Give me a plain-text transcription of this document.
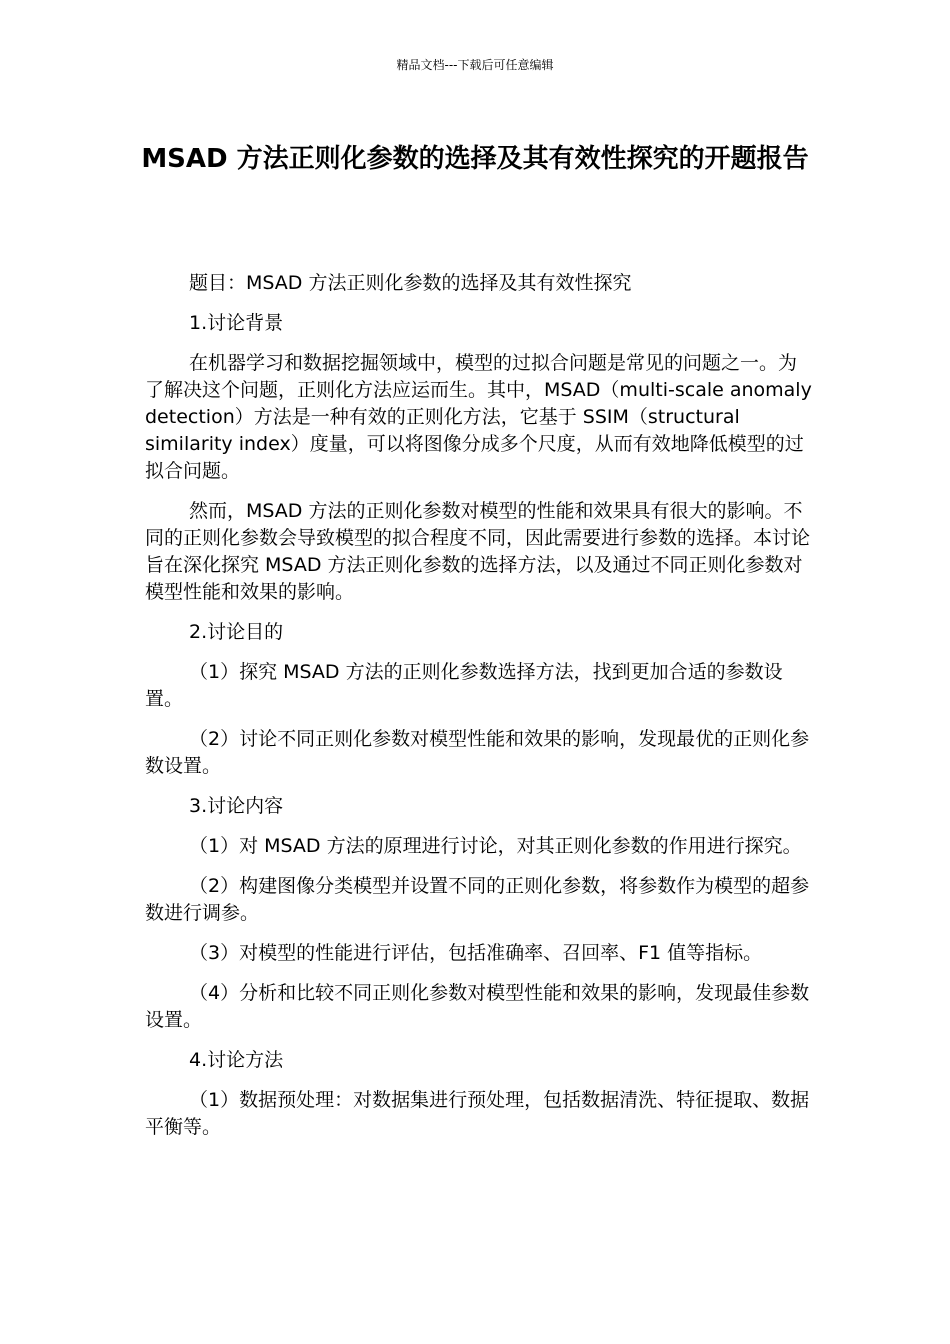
精品文档---下载后可任意编辑
MSAD 方法正则化参数的选择及其有效性探究的开题报告

题目：MSAD 方法正则化参数的选择及其有效性探究

1.讨论背景

在机器学习和数据挖掘领域中，模型的过拟合问题是常见的问题之一。为了解决这个问题，正则化方法应运而生。其中，MSAD（multi-scale anomaly detection）方法是一种有效的正则化方法，它基于 SSIM（structural similarity index）度量，可以将图像分成多个尺度，从而有效地降低模型的过拟合问题。

然而，MSAD 方法的正则化参数对模型的性能和效果具有很大的影响。不同的正则化参数会导致模型的拟合程度不同，因此需要进行参数的选择。本讨论旨在深化探究 MSAD 方法正则化参数的选择方法，以及通过不同正则化参数对模型性能和效果的影响。

2.讨论目的

（1）探究 MSAD 方法的正则化参数选择方法，找到更加合适的参数设置。

（2）讨论不同正则化参数对模型性能和效果的影响，发现最优的正则化参数设置。

3.讨论内容

（1）对 MSAD 方法的原理进行讨论，对其正则化参数的作用进行探究。

（2）构建图像分类模型并设置不同的正则化参数，将参数作为模型的超参数进行调参。

（3）对模型的性能进行评估，包括准确率、召回率、F1 值等指标。

（4）分析和比较不同正则化参数对模型性能和效果的影响，发现最佳参数设置。

4.讨论方法

（1）数据预处理：对数据集进行预处理，包括数据清洗、特征提取、数据平衡等。
